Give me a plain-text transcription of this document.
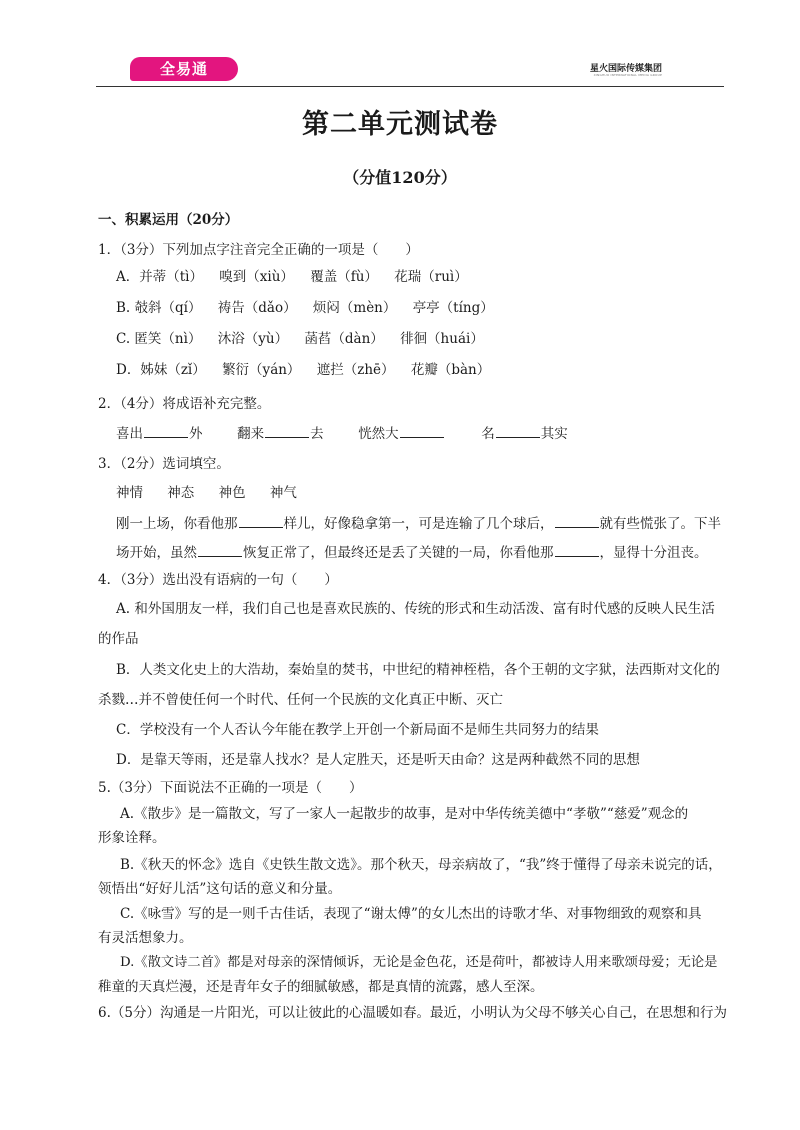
全易通	星火国际传媒集团
XINGHUO INTERNATIONAL MEDIA GROUP
第二单元测试卷
（分值120分）
一、积累运用（20分）
1．（3分）下列加点字注音完全正确的一项是（　　）
A．并蒂（tì） 嗅到（xiù） 覆盖（fù） 花瑞（ruì）
B. 攲斜（qí） 祷告（dǎo） 烦闷（mèn） 亭亭（tíng）
C. 匿笑（nì） 沐浴（yù） 菡萏（dàn） 徘徊（huái）
D．姊妹（zǐ） 繁衍（yán） 遮拦（zhē） 花瓣（bàn）
2．（4分）将成语补充完整。
喜出	外	翻来	去	恍然大	名	其实
3．（2分）选词填空。
神情 神态 神色 神气
刚一上场，你看他那	样儿，好像稳拿第一，可是连输了几个球后，	就有些慌张了。下半
场开始，虽然	恢复正常了，但最终还是丢了关键的一局，你看他那	，显得十分沮丧。
4．（3分）选出没有语病的一句（　　）
A. 和外国朋友一样，我们自己也是喜欢民族的、传统的形式和生动活泼、富有时代感的反映人民生活
的作品
B．人类文化史上的大浩劫，秦始皇的焚书，中世纪的精神桎梏，各个王朝的文字狱，法西斯对文化的
杀戮…并不曾使任何一个时代、任何一个民族的文化真正中断、灭亡
C．学校没有一个人否认今年能在教学上开创一个新局面不是师生共同努力的结果
D．是靠天等雨，还是靠人找水？是人定胜天，还是听天由命？这是两种截然不同的思想
5.（3分）下面说法不正确的一项是（　　）
A.《散步》是一篇散文，写了一家人一起散步的故事，是对中华传统美德中“孝敬”“慈爱”观念的
形象诠释。
B.《秋天的怀念》选自《史铁生散文选》。那个秋天，母亲病故了，“我”终于懂得了母亲未说完的话，
领悟出“好好儿活”这句话的意义和分量。
C.《咏雪》写的是一则千古佳话，表现了“谢太傅”的女儿杰出的诗歌才华、对事物细致的观察和具
有灵活想象力。
D.《散文诗二首》都是对母亲的深情倾诉，无论是金色花，还是荷叶，都被诗人用来歌颂母爱；无论是
稚童的天真烂漫，还是青年女子的细腻敏感，都是真情的流露，感人至深。
6.（5分）沟通是一片阳光，可以让彼此的心温暖如春。最近，小明认为父母不够关心自己，在思想和行为
